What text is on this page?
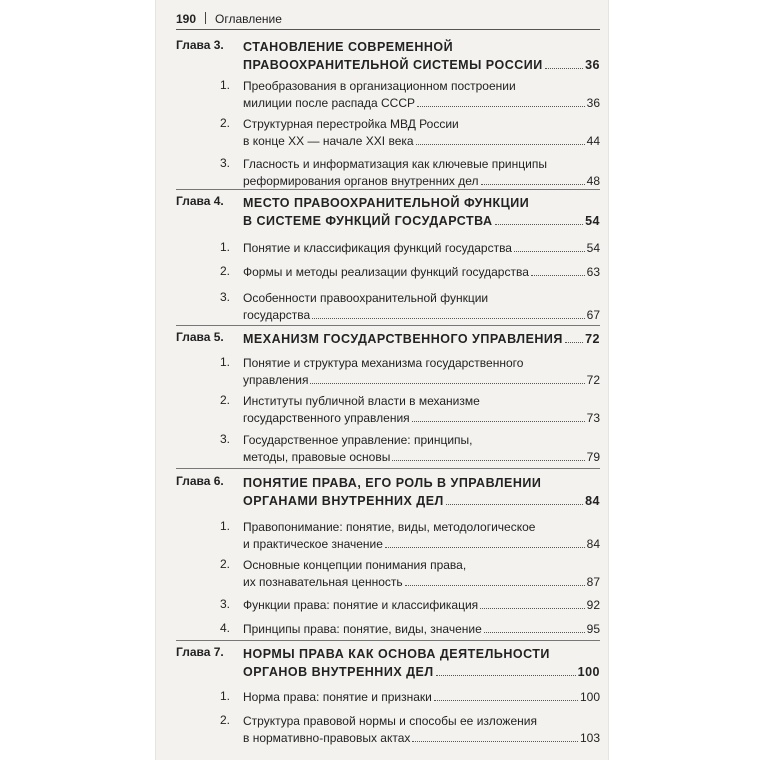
190 Оглавление
Глава 3. СТАНОВЛЕНИЕ СОВРЕМЕННОЙ
ПРАВООХРАНИТЕЛЬНОЙ СИСТЕМЫ РОССИИ	36
1. Преобразования в организационном построении
милиции после распада СССР	36
2. Структурная перестройка МВД России
в конце XX — начале XXI века	44
3. Гласность и информатизация как ключевые принципы
реформирования органов внутренних дел	48
Глава 4. МЕСТО ПРАВООХРАНИТЕЛЬНОЙ ФУНКЦИИ
В СИСТЕМЕ ФУНКЦИЙ ГОСУДАРСТВА	54
1. Понятие и классификация функций государства	54
2. Формы и методы реализации функций государства	63
3. Особенности правоохранительной функции
государства	67
Глава 5. МЕХАНИЗМ ГОСУДАРСТВЕННОГО УПРАВЛЕНИЯ 72
1. Понятие и структура механизма государственного
управления	72
2. Институты публичной власти в механизме
государственного управления	73
3. Государственное управление: принципы,
методы, правовые основы	79
Глава 6. ПОНЯТИЕ ПРАВА, ЕГО РОЛЬ В УПРАВЛЕНИИ
ОРГАНАМИ ВНУТРЕННИХ ДЕЛ	84
1. Правопонимание: понятие, виды, методологическое
и практическое значение	84
2. Основные концепции понимания права,
их познавательная ценность	87
3. Функции права: понятие и классификация	92
4. Принципы права: понятие, виды, значение	95
Глава 7. НОРМЫ ПРАВА КАК ОСНОВА ДЕЯТЕЛЬНОСТИ
ОРГАНОВ ВНУТРЕННИХ ДЕЛ	100
1. Норма права: понятие и признаки	100
2. Структура правовой нормы и способы ее изложения
в нормативно-правовых актах	103
